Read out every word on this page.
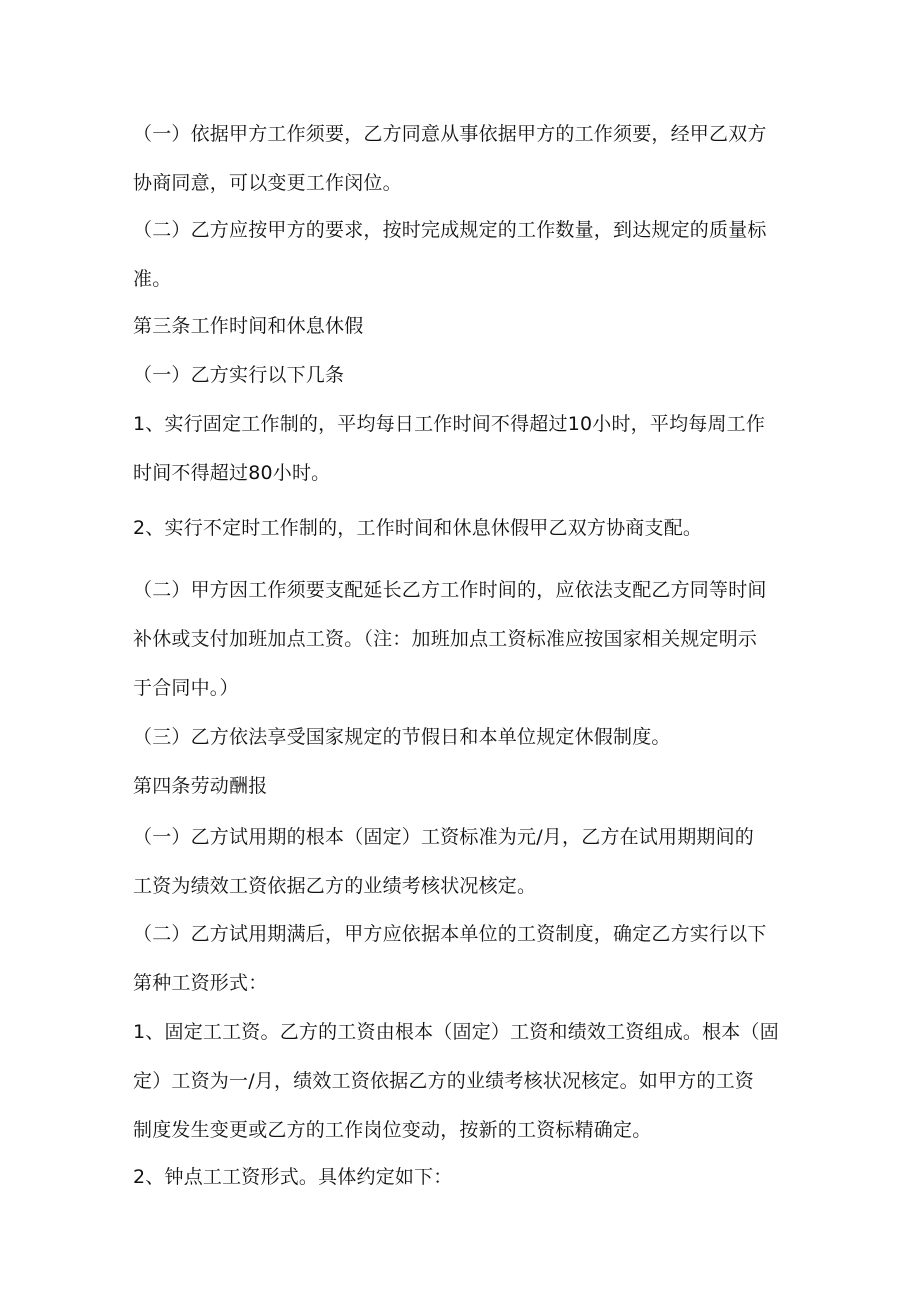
（一）依据甲方工作须要，乙方同意从事依据甲方的工作须要，经甲乙双方
协商同意，可以变更工作闵位。

（二）乙方应按甲方的要求，按时完成规定的工作数量，到达规定的质量标
准。

第三条工作时间和休息休假

（一）乙方实行以下几条

1、实行固定工作制的，平均每日工作时间不得超过10小时，平均每周工作
时间不得超过80小时。

2、实行不定时工作制的，工作时间和休息休假甲乙双方协商支配。

（二）甲方因工作须要支配延长乙方工作时间的，应依法支配乙方同等时间
补休或支付加班加点工资。（注：加班加点工资标准应按国家相关规定明示
于合同中。）

（三）乙方依法享受国家规定的节假日和本单位规定休假制度。

第四条劳动酬报

（一）乙方试用期的根本（固定）工资标准为元/月，乙方在试用期期间的
工资为绩效工资依据乙方的业绩考核状况核定。

（二）乙方试用期满后，甲方应依据本单位的工资制度，确定乙方实行以下
第种工资形式：

1、固定工工资。乙方的工资由根本（固定）工资和绩效工资组成。根本（固
定）工资为一/月，绩效工资依据乙方的业绩考核状况核定。如甲方的工资
制度发生变更或乙方的工作岗位变动，按新的工资标精确定。

2、钟点工工资形式。具体约定如下：
